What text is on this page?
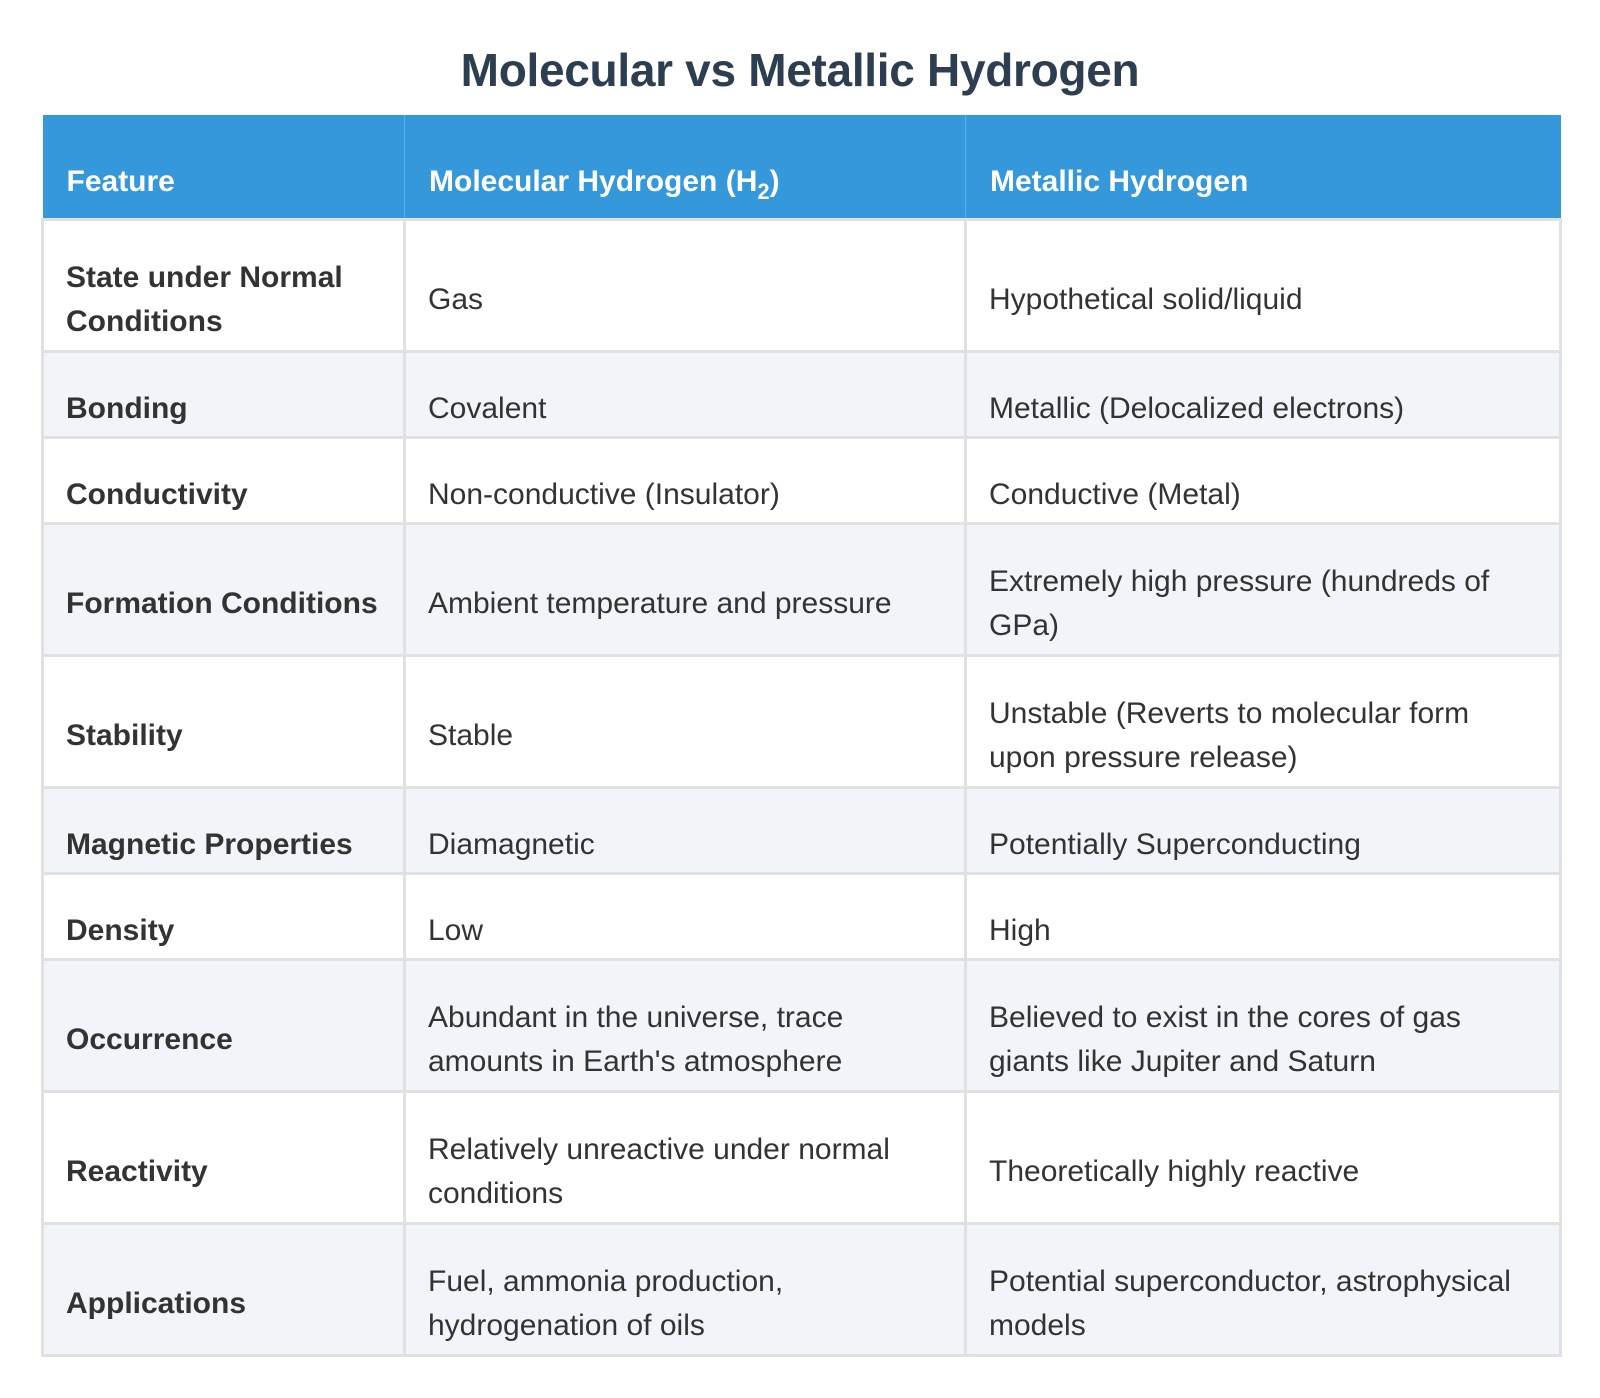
Molecular vs Metallic Hydrogen
Feature	Molecular Hydrogen $(H_2)$	Metallic Hydrogen
State under Normal Conditions	Gas	Hypothetical solid/liquid
Bonding	Covalent	Metallic (Delocalized electrons)
Conductivity	Non-conductive (Insulator)	Conductive (Metal)
Formation Conditions	Ambient temperature and pressure	Extremely high pressure (hundreds of GPa)
Stability	Stable	Unstable (Reverts to molecular form upon pressure release)
Magnetic Properties	Diamagnetic	Potentially Superconducting
Density	Low	High
Occurrence	Abundant in the universe, trace amounts in Earth's atmosphere	Believed to exist in the cores of gas giants like Jupiter and Saturn
Reactivity	Relatively unreactive under normal conditions	Theoretically highly reactive
Applications	Fuel, ammonia production, hydrogenation of oils	Potential superconductor, astrophysical models
